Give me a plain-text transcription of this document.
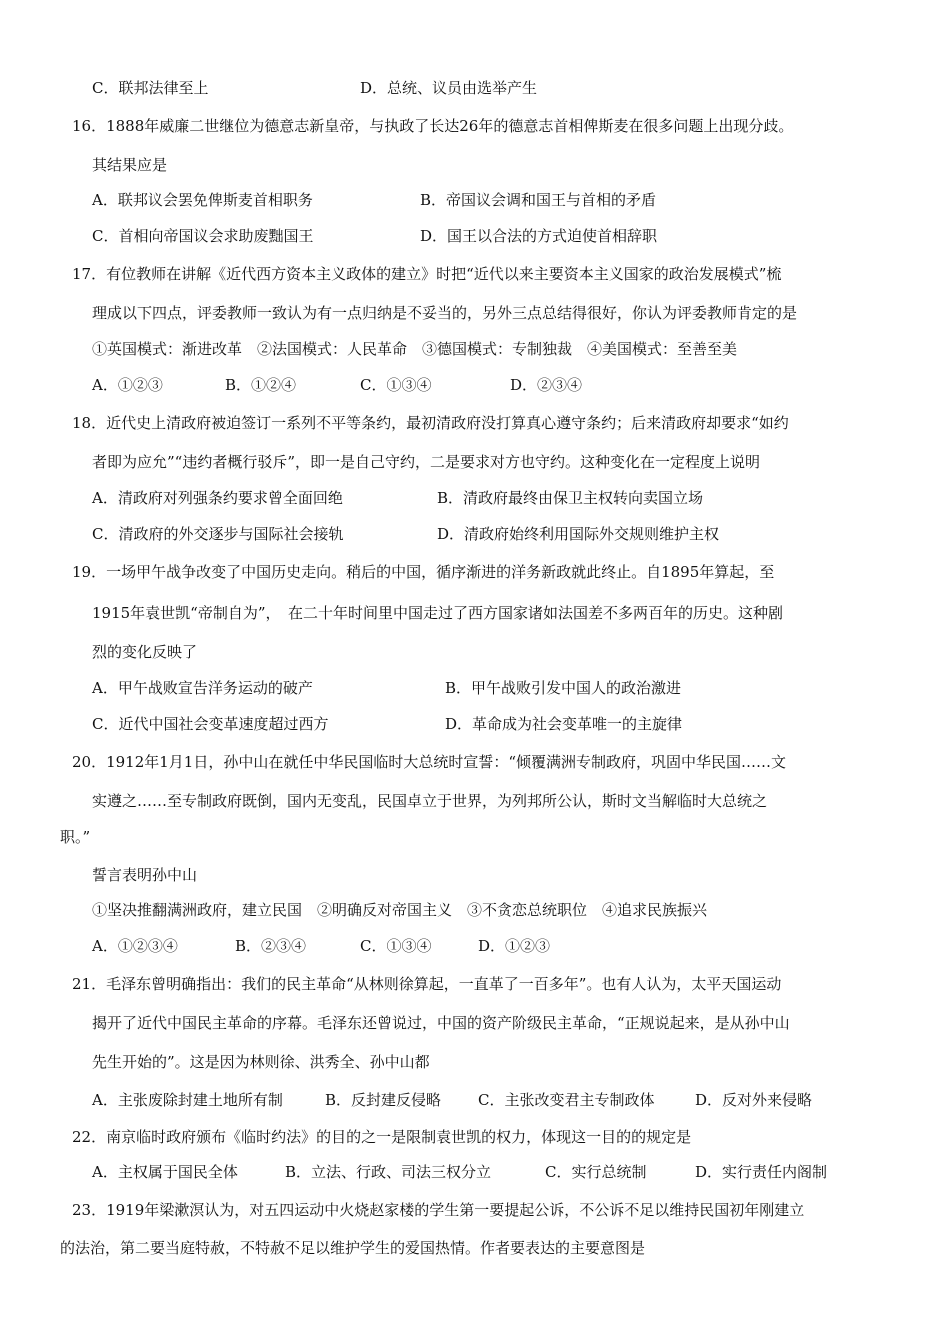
C．联邦法律至上	D．总统、议员由选举产生
16．1888年威廉二世继位为德意志新皇帝，与执政了长达26年的德意志首相俾斯麦在很多问题上出现分歧。
其结果应是
A．联邦议会罢免俾斯麦首相职务	B．帝国议会调和国王与首相的矛盾
C．首相向帝国议会求助废黜国王	D．国王以合法的方式迫使首相辞职
17．有位教师在讲解《近代西方资本主义政体的建立》时把“近代以来主要资本主义国家的政治发展模式”梳
理成以下四点，评委教师一致认为有一点归纳是不妥当的，另外三点总结得很好，你认为评委教师肯定的是
①英国模式：渐进改革　②法国模式：人民革命　③德国模式：专制独裁　④美国模式：至善至美
A．①②③	B．①②④	C．①③④	D．②③④
18．近代史上清政府被迫签订一系列不平等条约，最初清政府没打算真心遵守条约；后来清政府却要求“如约
者即为应允”“违约者概行驳斥”，即一是自己守约，二是要求对方也守约。这种变化在一定程度上说明
A．清政府对列强条约要求曾全面回绝	B．清政府最终由保卫主权转向卖国立场
C．清政府的外交逐步与国际社会接轨	D．清政府始终利用国际外交规则维护主权
19．一场甲午战争改变了中国历史走向。稍后的中国，循序渐进的洋务新政就此终止。自1895年算起，至
1915年袁世凯“帝制自为”，　在二十年时间里中国走过了西方国家诸如法国差不多两百年的历史。这种剧
烈的变化反映了
A．甲午战败宣告洋务运动的破产	B．甲午战败引发中国人的政治激进
C．近代中国社会变革速度超过西方	D．革命成为社会变革唯一的主旋律
20．1912年1月1日，孙中山在就任中华民国临时大总统时宣誓：“倾覆满洲专制政府，巩固中华民国……文
实遵之……至专制政府既倒，国内无变乱，民国卓立于世界，为列邦所公认，斯时文当解临时大总统之
职。”
誓言表明孙中山
①坚决推翻满洲政府，建立民国　②明确反对帝国主义　③不贪恋总统职位　④追求民族振兴
A．①②③④	B．②③④	C．①③④	D．①②③
21．毛泽东曾明确指出：我们的民主革命“从林则徐算起，一直革了一百多年”。也有人认为，太平天国运动
揭开了近代中国民主革命的序幕。毛泽东还曾说过，中国的资产阶级民主革命，“正规说起来，是从孙中山
先生开始的”。这是因为林则徐、洪秀全、孙中山都
A．主张废除封建土地所有制	B．反封建反侵略 C．主张改变君主专制政体	D．反对外来侵略
22．南京临时政府颁布《临时约法》的目的之一是限制袁世凯的权力，体现这一目的的规定是
A．主权属于国民全体	B．立法、行政、司法三权分立	C．实行总统制	D．实行责任内阁制
23．1919年梁漱溟认为，对五四运动中火烧赵家楼的学生第一要提起公诉，不公诉不足以维持民国初年刚建立
的法治，第二要当庭特赦，不特赦不足以维护学生的爱国热情。作者要表达的主要意图是
